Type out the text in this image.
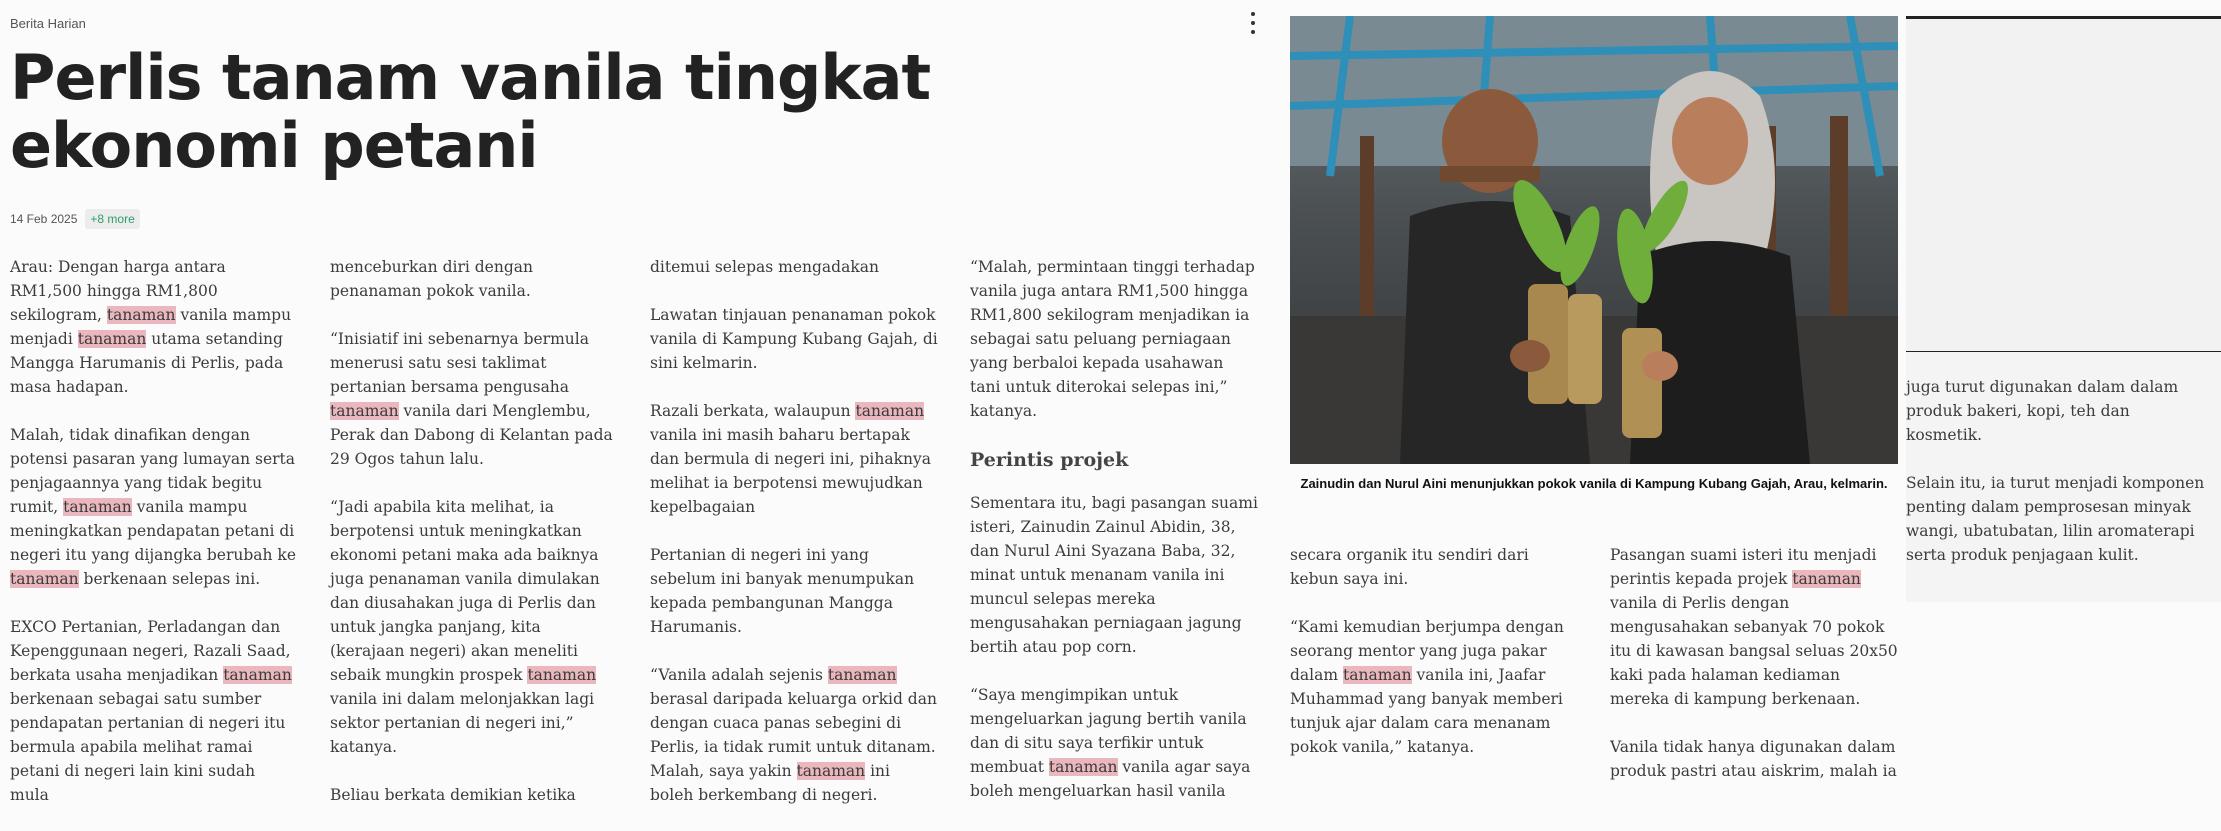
Berita Harian
Perlis tanam vanila tingkat ekonomi petani
14 Feb 2025	+8 more

Arau: Dengan harga antara RM1,500 hingga RM1,800 sekilogram, tanaman vanila mampu menjadi tanaman utama setanding Mangga Harumanis di Perlis, pada masa hadapan.

Malah, tidak dinafikan dengan potensi pasaran yang lumayan serta penjagaannya yang tidak begitu rumit, tanaman vanila mampu meningkatkan pendapatan petani di negeri itu yang dijangka berubah ke tanaman berkenaan selepas ini.

EXCO Pertanian, Perladangan dan Kepenggunaan negeri, Razali Saad, berkata usaha menjadikan tanaman berkenaan sebagai satu sumber pendapatan pertanian di negeri itu bermula apabila melihat ramai petani di negeri lain kini sudah mula

menceburkan diri dengan penanaman pokok vanila.

“Inisiatif ini sebenarnya bermula menerusi satu sesi taklimat pertanian bersama pengusaha tanaman vanila dari Menglembu, Perak dan Dabong di Kelantan pada 29 Ogos tahun lalu.

“Jadi apabila kita melihat, ia berpotensi untuk meningkatkan ekonomi petani maka ada baiknya juga penanaman vanila dimulakan dan diusahakan juga di Perlis dan untuk jangka panjang, kita (kerajaan negeri) akan meneliti sebaik mungkin prospek tanaman vanila ini dalam melonjakkan lagi sektor pertanian di negeri ini,” katanya.

Beliau berkata demikian ketika

ditemui selepas mengadakan

Lawatan tinjauan penanaman pokok vanila di Kampung Kubang Gajah, di sini kelmarin.

Razali berkata, walaupun tanaman vanila ini masih baharu bertapak dan bermula di negeri ini, pihaknya melihat ia berpotensi mewujudkan kepelbagaian

Pertanian di negeri ini yang sebelum ini banyak menumpukan kepada pembangunan Mangga Harumanis.

“Vanila adalah sejenis tanaman berasal daripada keluarga orkid dan dengan cuaca panas sebegini di Perlis, ia tidak rumit untuk ditanam. Malah, saya yakin tanaman ini boleh berkembang di negeri.

“Malah, permintaan tinggi terhadap vanila juga antara RM1,500 hingga RM1,800 sekilogram menjadikan ia sebagai satu peluang perniagaan yang berbaloi kepada usahawan tani untuk diterokai selepas ini,” katanya.

Perintis projek

Sementara itu, bagi pasangan suami isteri, Zainudin Zainul Abidin, 38, dan Nurul Aini Syazana Baba, 32, minat untuk menanam vanila ini muncul selepas mereka mengusahakan perniagaan jagung bertih atau pop corn.

“Saya mengimpikan untuk mengeluarkan jagung bertih vanila dan di situ saya terfikir untuk membuat tanaman vanila agar saya boleh mengeluarkan hasil vanila

Zainudin dan Nurul Aini menunjukkan pokok vanila di Kampung Kubang Gajah, Arau, kelmarin.

secara organik itu sendiri dari kebun saya ini.

“Kami kemudian berjumpa dengan seorang mentor yang juga pakar dalam tanaman vanila ini, Jaafar Muhammad yang banyak memberi tunjuk ajar dalam cara menanam pokok vanila,” katanya.

Pasangan suami isteri itu menjadi perintis kepada projek tanaman vanila di Perlis dengan mengusahakan sebanyak 70 pokok itu di kawasan bangsal seluas 20x50 kaki pada halaman kediaman mereka di kampung berkenaan.

Vanila tidak hanya digunakan dalam produk pastri atau aiskrim, malah ia

juga turut digunakan dalam dalam produk bakeri, kopi, teh dan kosmetik.

Selain itu, ia turut menjadi komponen penting dalam pemprosesan minyak wangi, ubatubatan, lilin aromaterapi serta produk penjagaan kulit.
